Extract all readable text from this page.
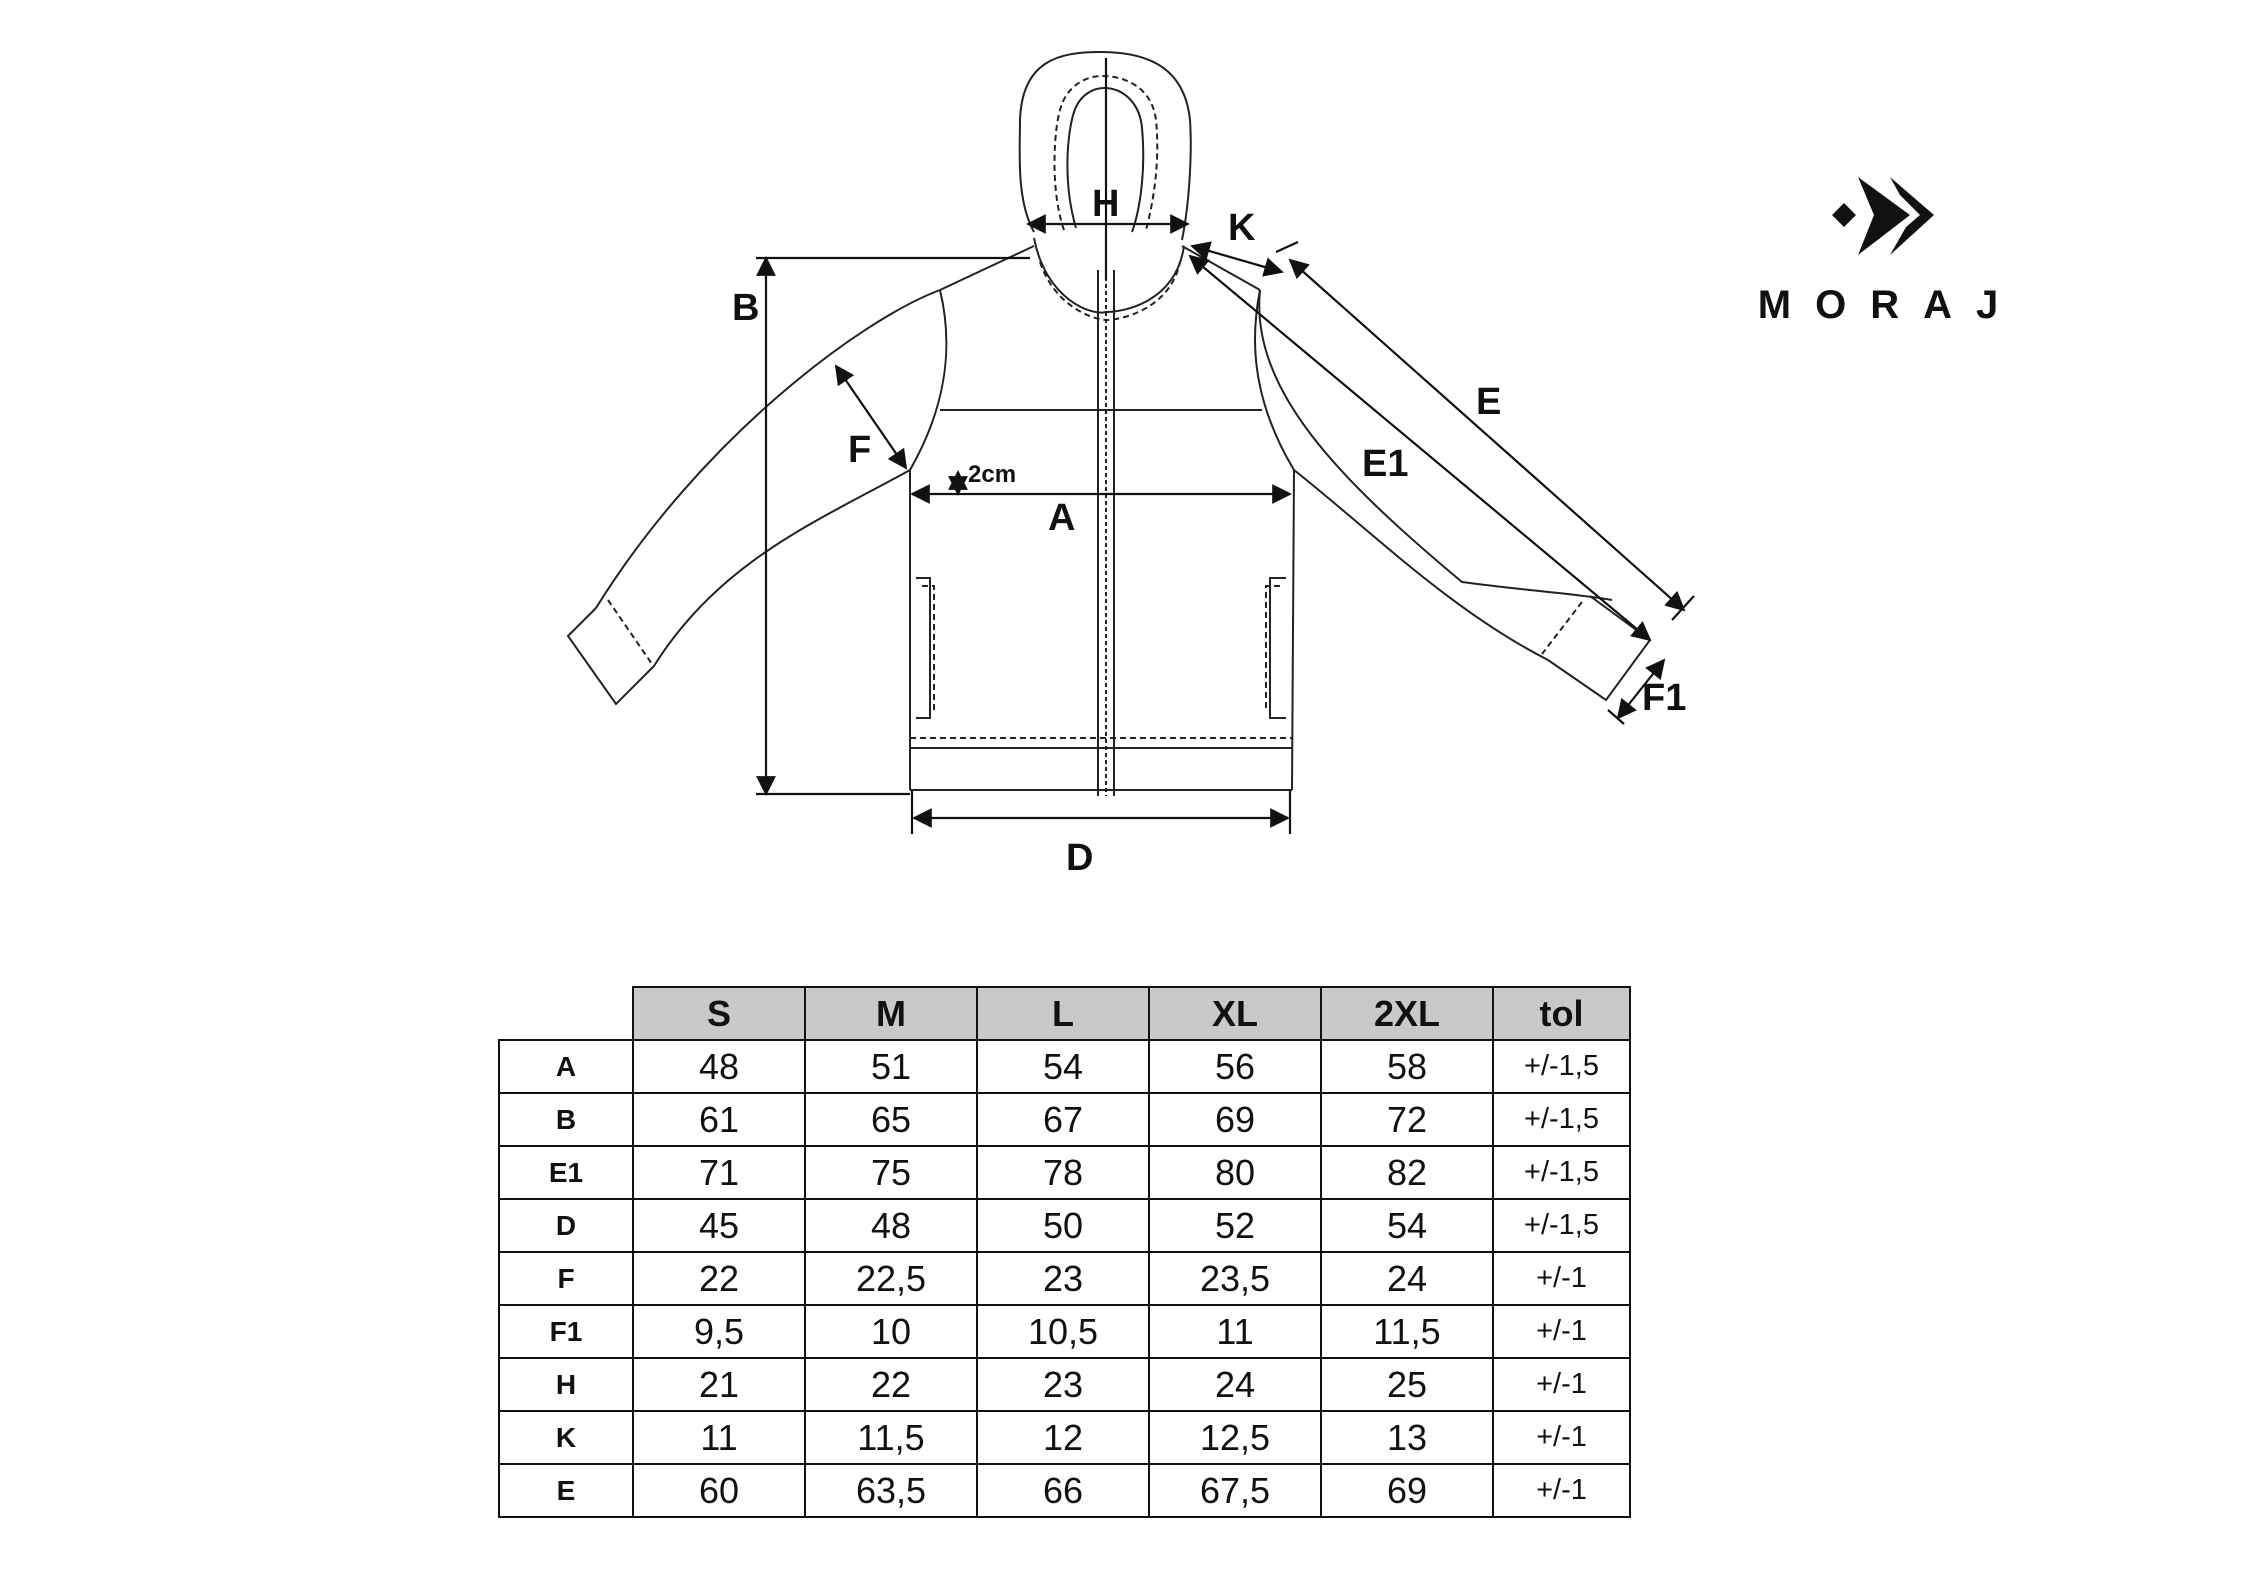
H
K
B
E
E1
F
2cm
A
F1
D
MORAJ
	S	M	L	XL	2XL	tol
A	48	51	54	56	58	+/-1,5
B	61	65	67	69	72	+/-1,5
E1	71	75	78	80	82	+/-1,5
D	45	48	50	52	54	+/-1,5
F	22	22,5	23	23,5	24	+/-1
F1	9,5	10	10,5	11	11,5	+/-1
H	21	22	23	24	25	+/-1
K	11	11,5	12	12,5	13	+/-1
E	60	63,5	66	67,5	69	+/-1
